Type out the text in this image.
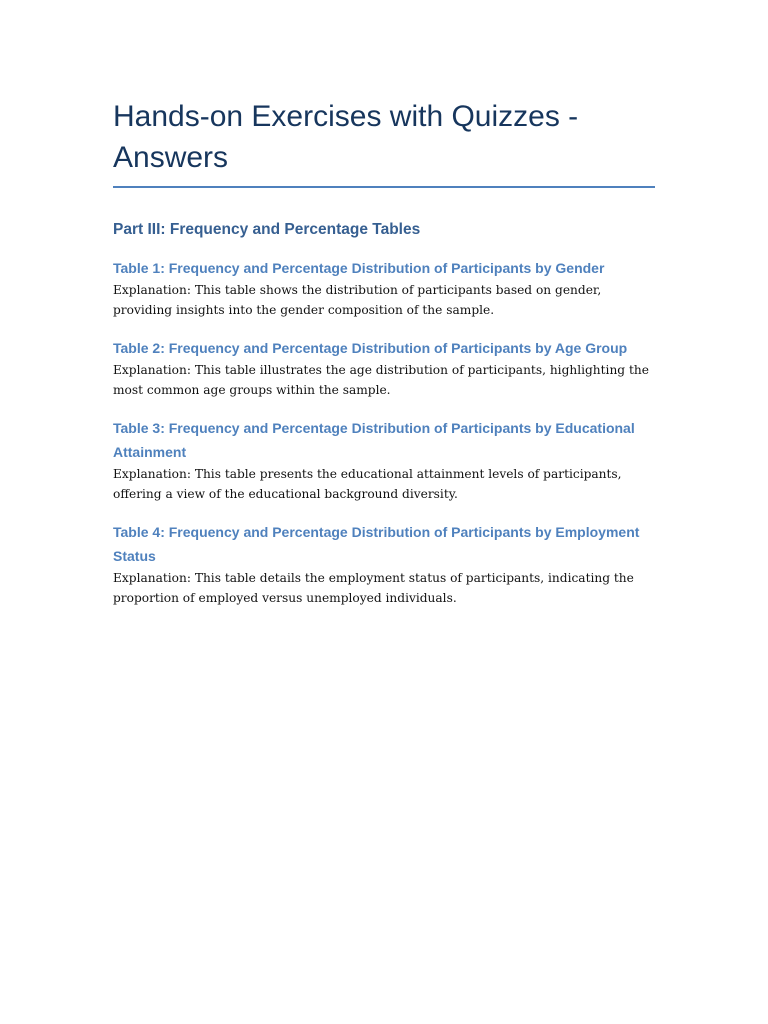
Hands-on Exercises with Quizzes - Answers
Part III: Frequency and Percentage Tables
Table 1: Frequency and Percentage Distribution of Participants by Gender

Explanation: This table shows the distribution of participants based on gender, providing insights into the gender composition of the sample.

Table 2: Frequency and Percentage Distribution of Participants by Age Group

Explanation: This table illustrates the age distribution of participants, highlighting the most common age groups within the sample.

Table 3: Frequency and Percentage Distribution of Participants by Educational Attainment

Explanation: This table presents the educational attainment levels of participants, offering a view of the educational background diversity.

Table 4: Frequency and Percentage Distribution of Participants by Employment Status

Explanation: This table details the employment status of participants, indicating the proportion of employed versus unemployed individuals.
